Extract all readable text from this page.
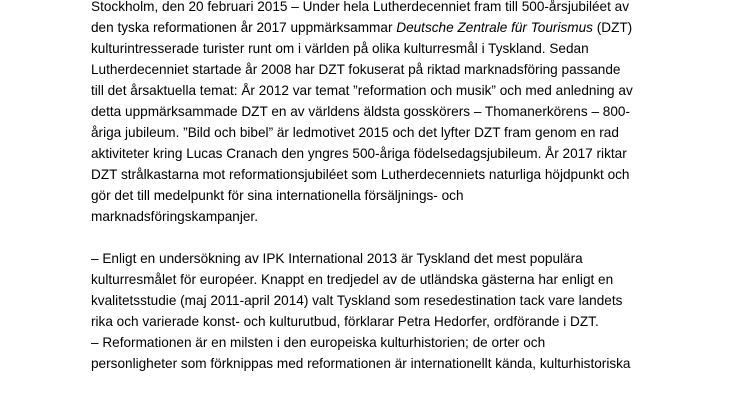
Stockholm, den 20 februari 2015 – Under hela Lutherdecenniet fram till 500-årsjubiléet av
den tyska reformationen år 2017 uppmärksammar Deutsche Zentrale für Tourismus (DZT)
kulturintresserade turister runt om i världen på olika kulturresmål i Tyskland. Sedan
Lutherdecenniet startade år 2008 har DZT fokuserat på riktad marknadsföring passande
till det årsaktuella temat: År 2012 var temat ”reformation och musik” och med anledning av
detta uppmärksammade DZT en av världens äldsta gosskörers – Thomanerkörens – 800-
åriga jubileum. ”Bild och bibel” är ledmotivet 2015 och det lyfter DZT fram genom en rad
aktiviteter kring Lucas Cranach den yngres 500-åriga födelsedagsjubileum. År 2017 riktar
DZT strålkastarna mot reformationsjubiléet som Lutherdecenniets naturliga höjdpunkt och
gör det till medelpunkt för sina internationella försäljnings- och
marknadsföringskampanjer.
– Enligt en undersökning av IPK International 2013 är Tyskland det mest populära
kulturresmålet för européer. Knappt en tredjedel av de utländska gästerna har enligt en
kvalitetsstudie (maj 2011-april 2014) valt Tyskland som resedestination tack vare landets
rika och varierade konst- och kulturutbud, förklarar Petra Hedorfer, ordförande i DZT.
– Reformationen är en milsten i den europeiska kulturhistorien; de orter och
personligheter som förknippas med reformationen är internationellt kända, kulturhistoriska
